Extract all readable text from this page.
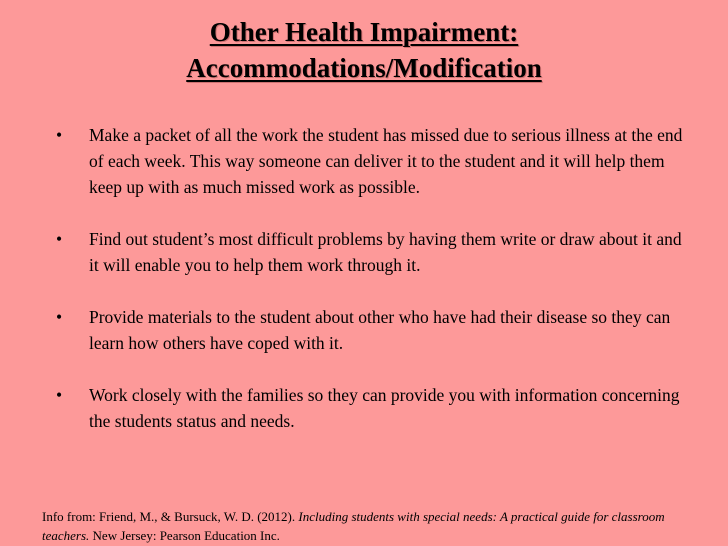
Other Health Impairment:
Accommodations/Modification
• Make a packet of all the work the student has missed due to serious illness at the end of each week. This way someone can deliver it to the student and it will help them keep up with as much missed work as possible.
• Find out student’s most difficult problems by having them write or draw about it and it will enable you to help them work through it.
• Provide materials to the student about other who have had their disease so they can learn how others have coped with it.
• Work closely with the families so they can provide you with information concerning the students status and needs.
Info from: Friend, M., & Bursuck, W. D. (2012). Including students with special needs: A practical guide for classroom teachers. New Jersey: Pearson Education Inc.
